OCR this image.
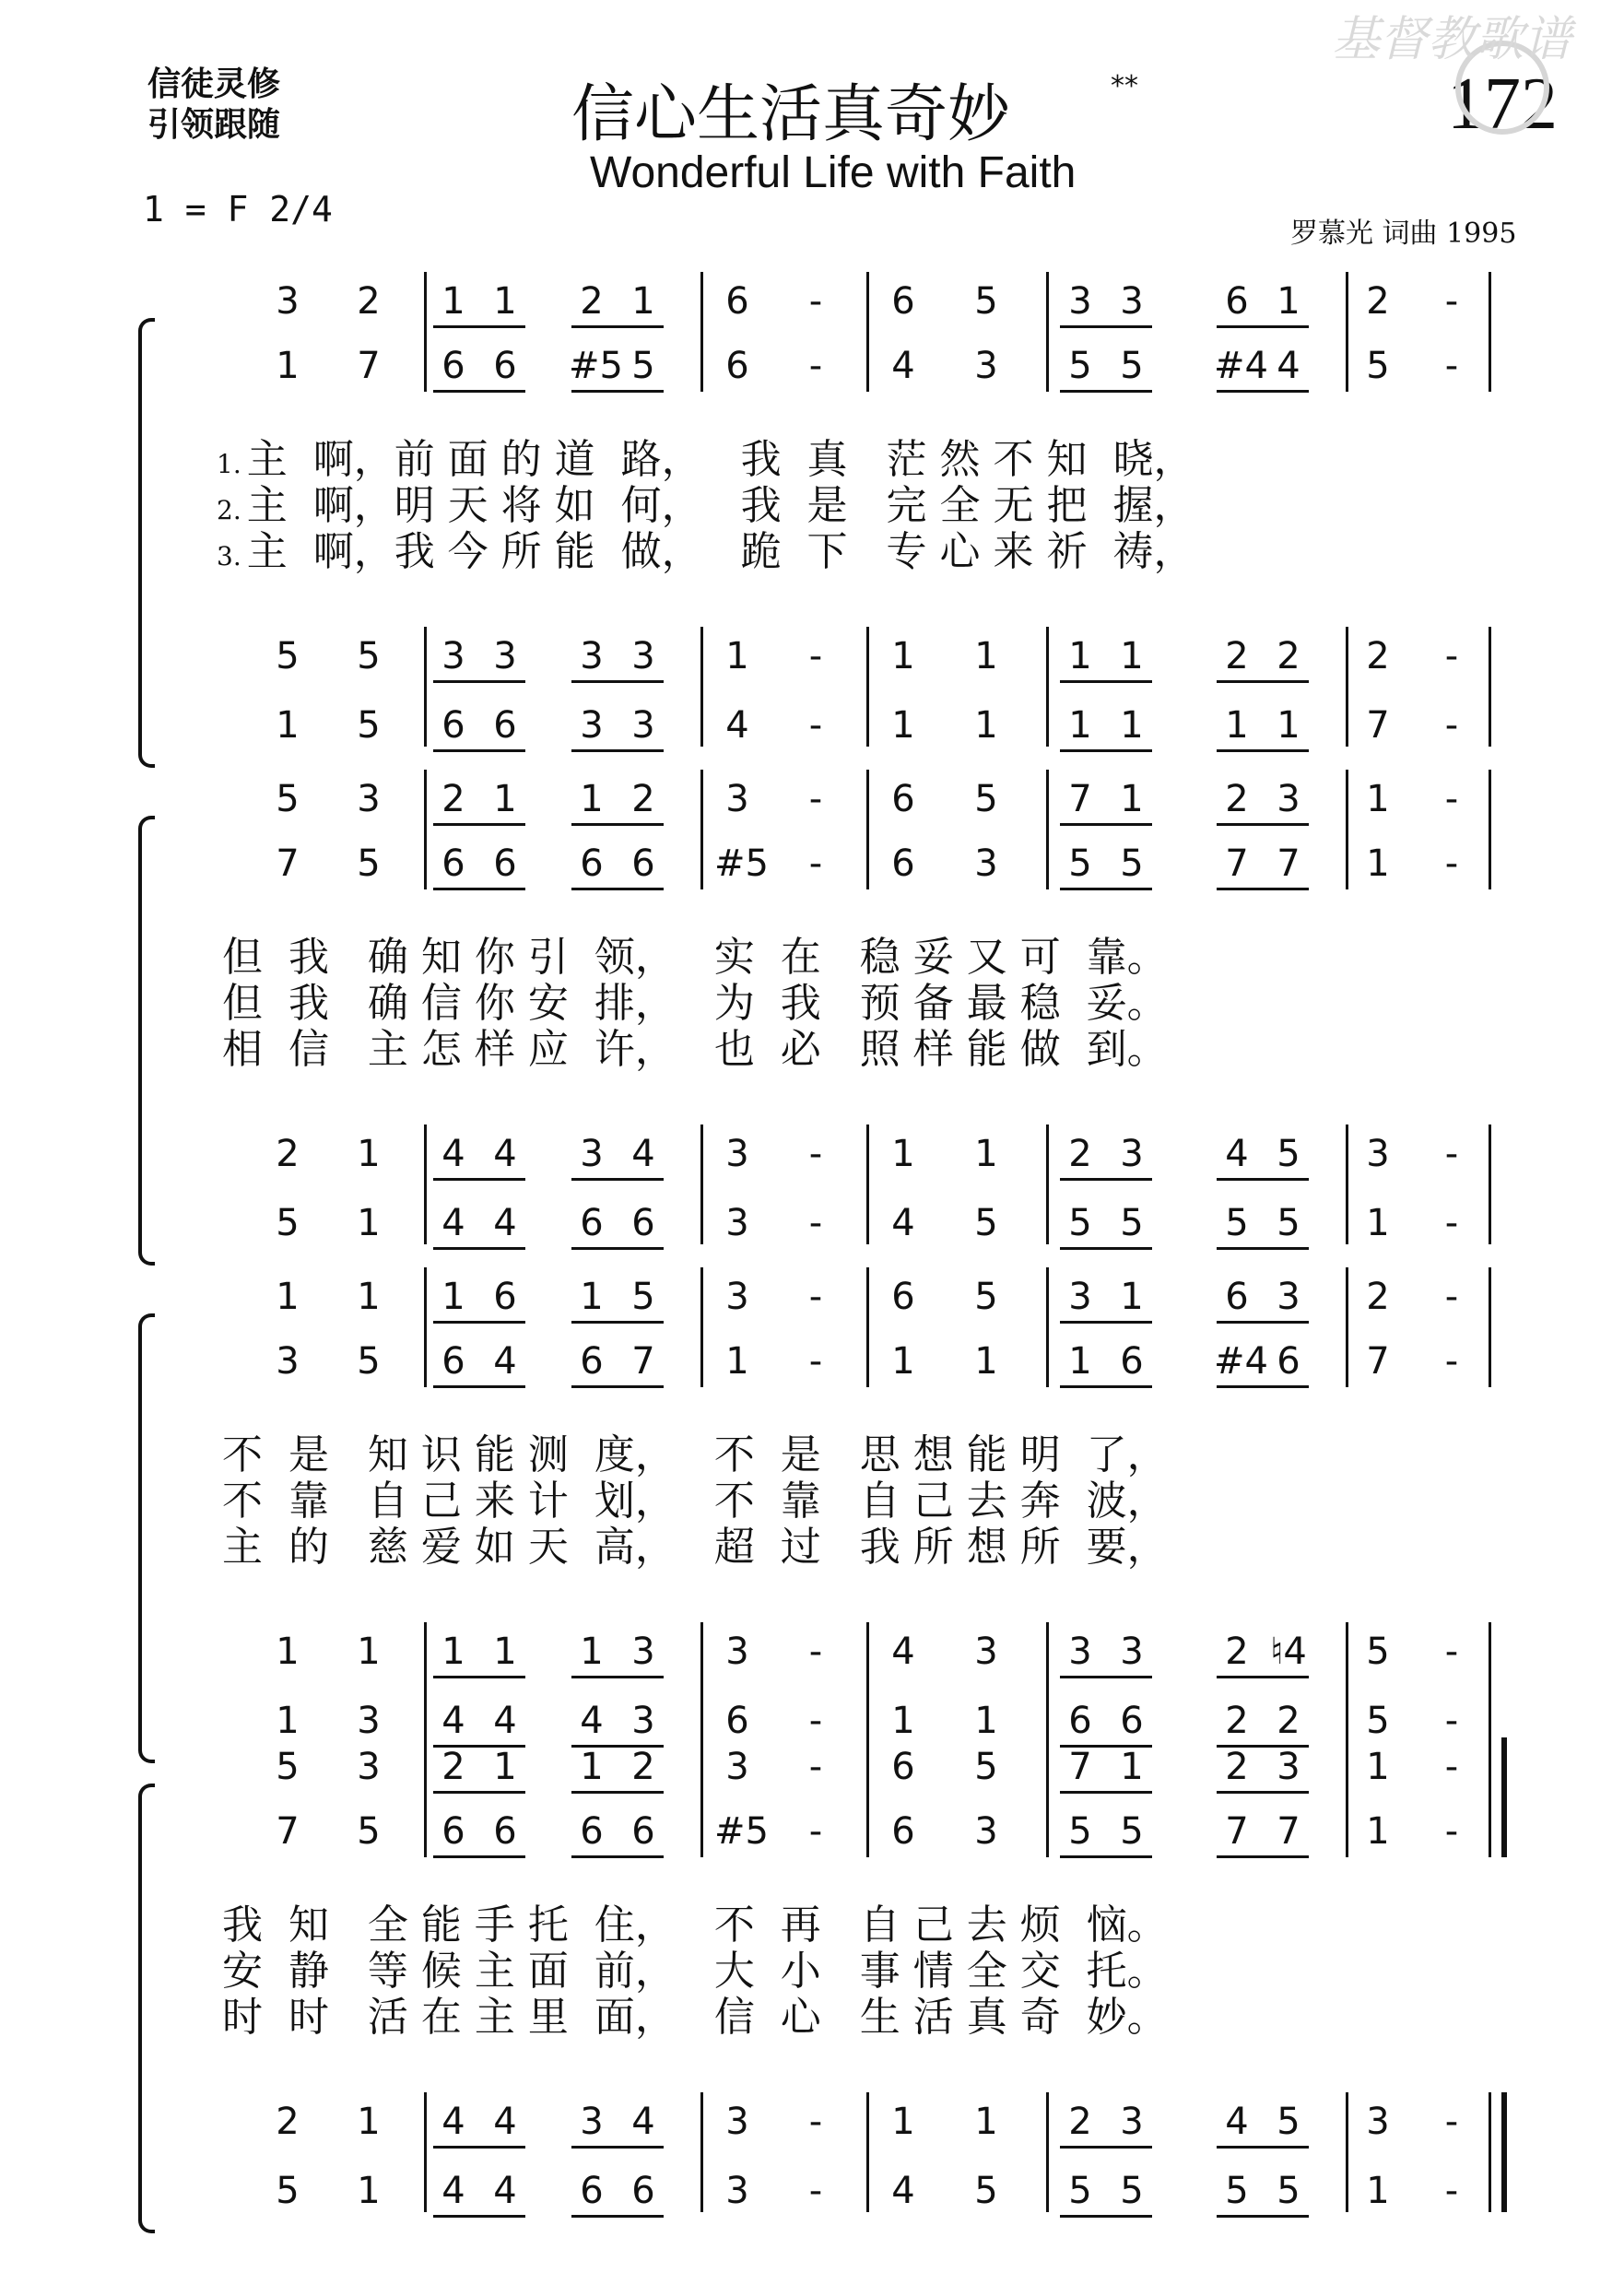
信徒灵修
引领跟随	信心生活真奇妙	**
Wonderful Life with Faith
172
1 = F 2/4
罗慕光 词曲 1995
基督教歌谱
3	2	1 1	2 1	6	-	6	5	3 3	6 1	2	-
1	7	6 6	#5 5	6	-	4	3	5 5	#4 4	5	-
5	5	3 3	3 3	1	-	1	1	1 1	2 2	2	-
1	5	6 6	3 3	4	-	1	1	1 1	1 1	7	-
1. 主  啊，前 面 的 道  路，   我  真   茫 然 不 知  晓，
2. 主  啊，明 天 将 如  何，   我  是   完 全 无 把  握，
3. 主  啊，我 今 所 能  做，   跪  下   专 心 来 祈  祷，
5	3	2 1	1 2	3	-	6	5	7 1	2 3	1	-
7	5	6 6	6 6	#5	-	6	3	5 5	7 7	1	-
2	1	4 4	3 4	3	-	1	1	2 3	4 5	3	-
5	1	4 4	6 6	3	-	4	5	5 5	5 5	1	-
但  我   确 知 你 引  领，   实  在   稳 妥 又 可  靠。
但  我   确 信 你 安  排，   为  我   预 备 最 稳  妥。
相  信   主 怎 样 应  许，   也  必   照 样 能 做  到。
1	1	1 6	1 5	3	-	6	5	3 1	6 3	2	-
3	5	6 4	6 7	1	-	1	1	1 6	#4 6	7	-
1	1	1 1	1 3	3	-	4	3	3 3	2 ♮4	5	-
1	3	4 4	4 3	6	-	1	1	6 6	2 2	5	-
不  是   知 识 能 测  度，   不  是   思 想 能 明  了，
不  靠   自 己 来 计  划，   不  靠   自 己 去 奔  波，
主  的   慈 爱 如 天  高，   超  过   我 所 想 所  要，
5	3	2 1	1 2	3	-	6	5	7 1	2 3	1	-
7	5	6 6	6 6	#5	-	6	3	5 5	7 7	1	-
2	1	4 4	3 4	3	-	1	1	2 3	4 5	3	-
5	1	4 4	6 6	3	-	4	5	5 5	5 5	1	-
我  知   全 能 手 托  住，   不  再   自 己 去 烦  恼。
安  静   等 候 主 面  前，   大  小   事 情 全 交  托。
时  时   活 在 主 里  面，   信  心   生 活 真 奇  妙。
